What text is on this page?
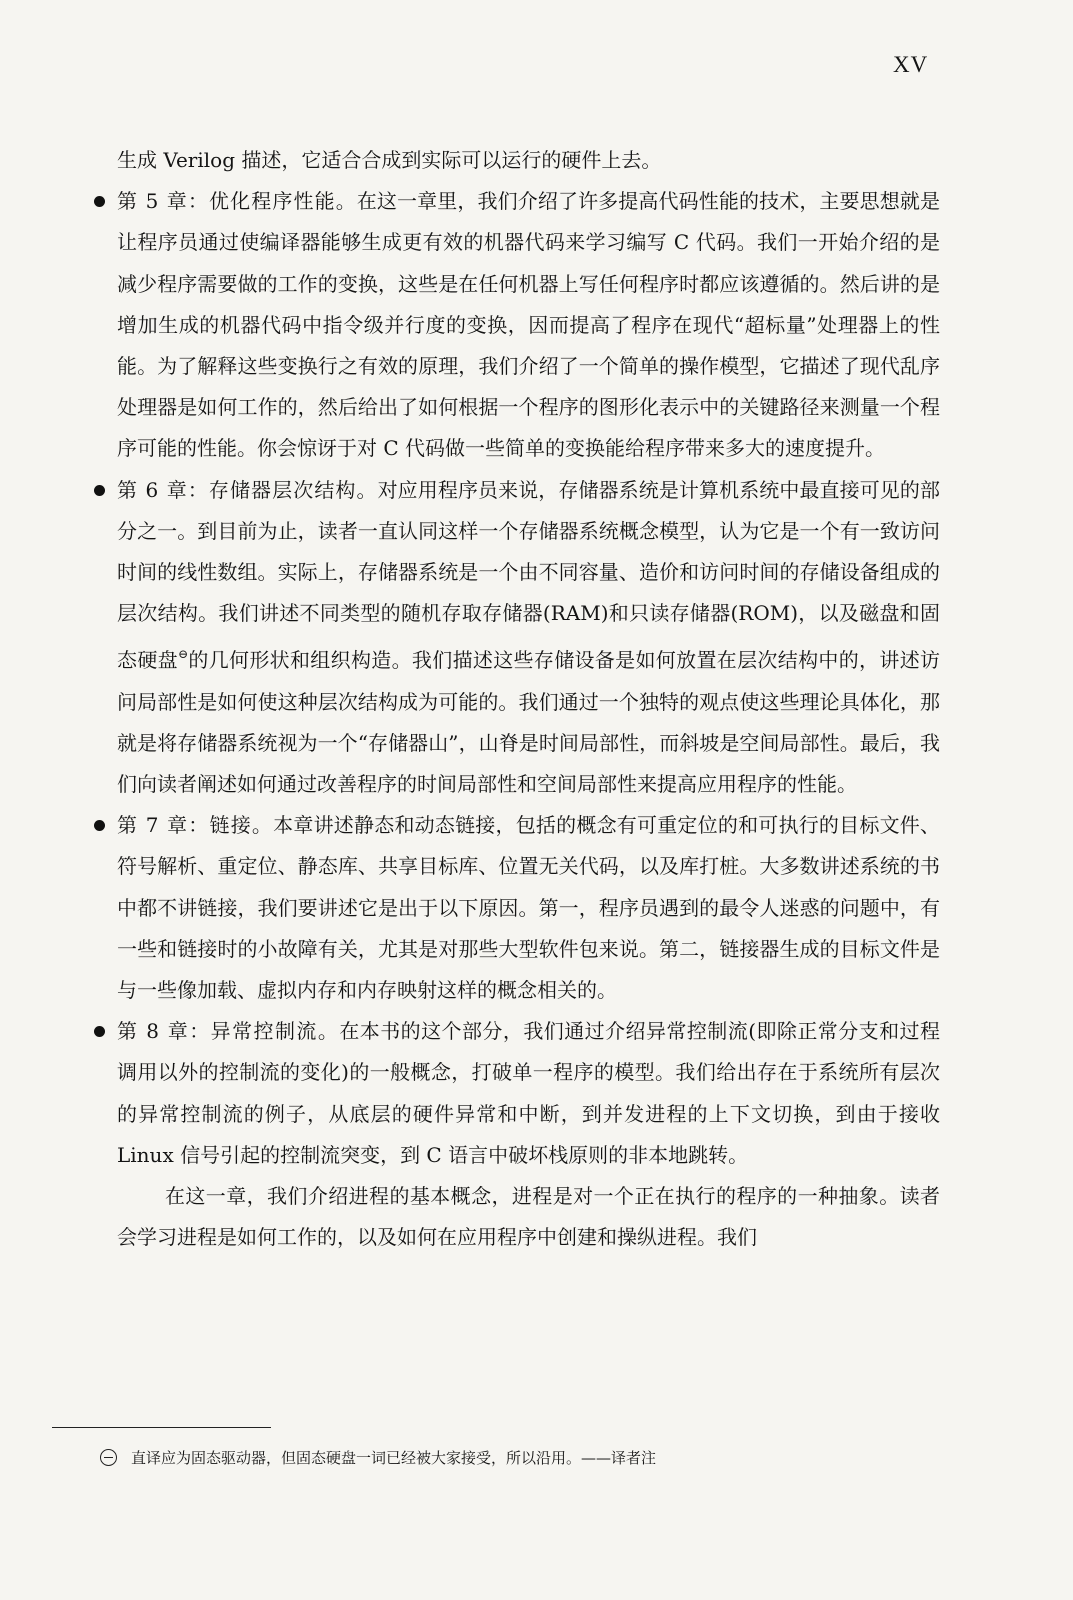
XV
生成 Verilog 描述，它适合合成到实际可以运行的硬件上去。
第 5 章：优化程序性能。在这一章里，我们介绍了许多提高代码性能的技术，主要思想就是让程序员通过使编译器能够生成更有效的机器代码来学习编写 C 代码。我们一开始介绍的是减少程序需要做的工作的变换，这些是在任何机器上写任何程序时都应该遵循的。然后讲的是增加生成的机器代码中指令级并行度的变换，因而提高了程序在现代“超标量”处理器上的性能。为了解释这些变换行之有效的原理，我们介绍了一个简单的操作模型，它描述了现代乱序处理器是如何工作的，然后给出了如何根据一个程序的图形化表示中的关键路径来测量一个程序可能的性能。你会惊讶于对 C 代码做一些简单的变换能给程序带来多大的速度提升。
第 6 章：存储器层次结构。对应用程序员来说，存储器系统是计算机系统中最直接可见的部分之一。到目前为止，读者一直认同这样一个存储器系统概念模型，认为它是一个有一致访问时间的线性数组。实际上，存储器系统是一个由不同容量、造价和访问时间的存储设备组成的层次结构。我们讲述不同类型的随机存取存储器(RAM)和只读存储器(ROM)，以及磁盘和固态硬盘⊖的几何形状和组织构造。我们描述这些存储设备是如何放置在层次结构中的，讲述访问局部性是如何使这种层次结构成为可能的。我们通过一个独特的观点使这些理论具体化，那就是将存储器系统视为一个“存储器山”，山脊是时间局部性，而斜坡是空间局部性。最后，我们向读者阐述如何通过改善程序的时间局部性和空间局部性来提高应用程序的性能。
第 7 章：链接。本章讲述静态和动态链接，包括的概念有可重定位的和可执行的目标文件、符号解析、重定位、静态库、共享目标库、位置无关代码，以及库打桩。大多数讲述系统的书中都不讲链接，我们要讲述它是出于以下原因。第一，程序员遇到的最令人迷惑的问题中，有一些和链接时的小故障有关，尤其是对那些大型软件包来说。第二，链接器生成的目标文件是与一些像加载、虚拟内存和内存映射这样的概念相关的。
第 8 章：异常控制流。在本书的这个部分，我们通过介绍异常控制流(即除正常分支和过程调用以外的控制流的变化)的一般概念，打破单一程序的模型。我们给出存在于系统所有层次的异常控制流的例子，从底层的硬件异常和中断，到并发进程的上下文切换，到由于接收 Linux 信号引起的控制流突变，到 C 语言中破坏栈原则的非本地跳转。
在这一章，我们介绍进程的基本概念，进程是对一个正在执行的程序的一种抽象。读者会学习进程是如何工作的，以及如何在应用程序中创建和操纵进程。我们
直译应为固态驱动器，但固态硬盘一词已经被大家接受，所以沿用。——译者注
